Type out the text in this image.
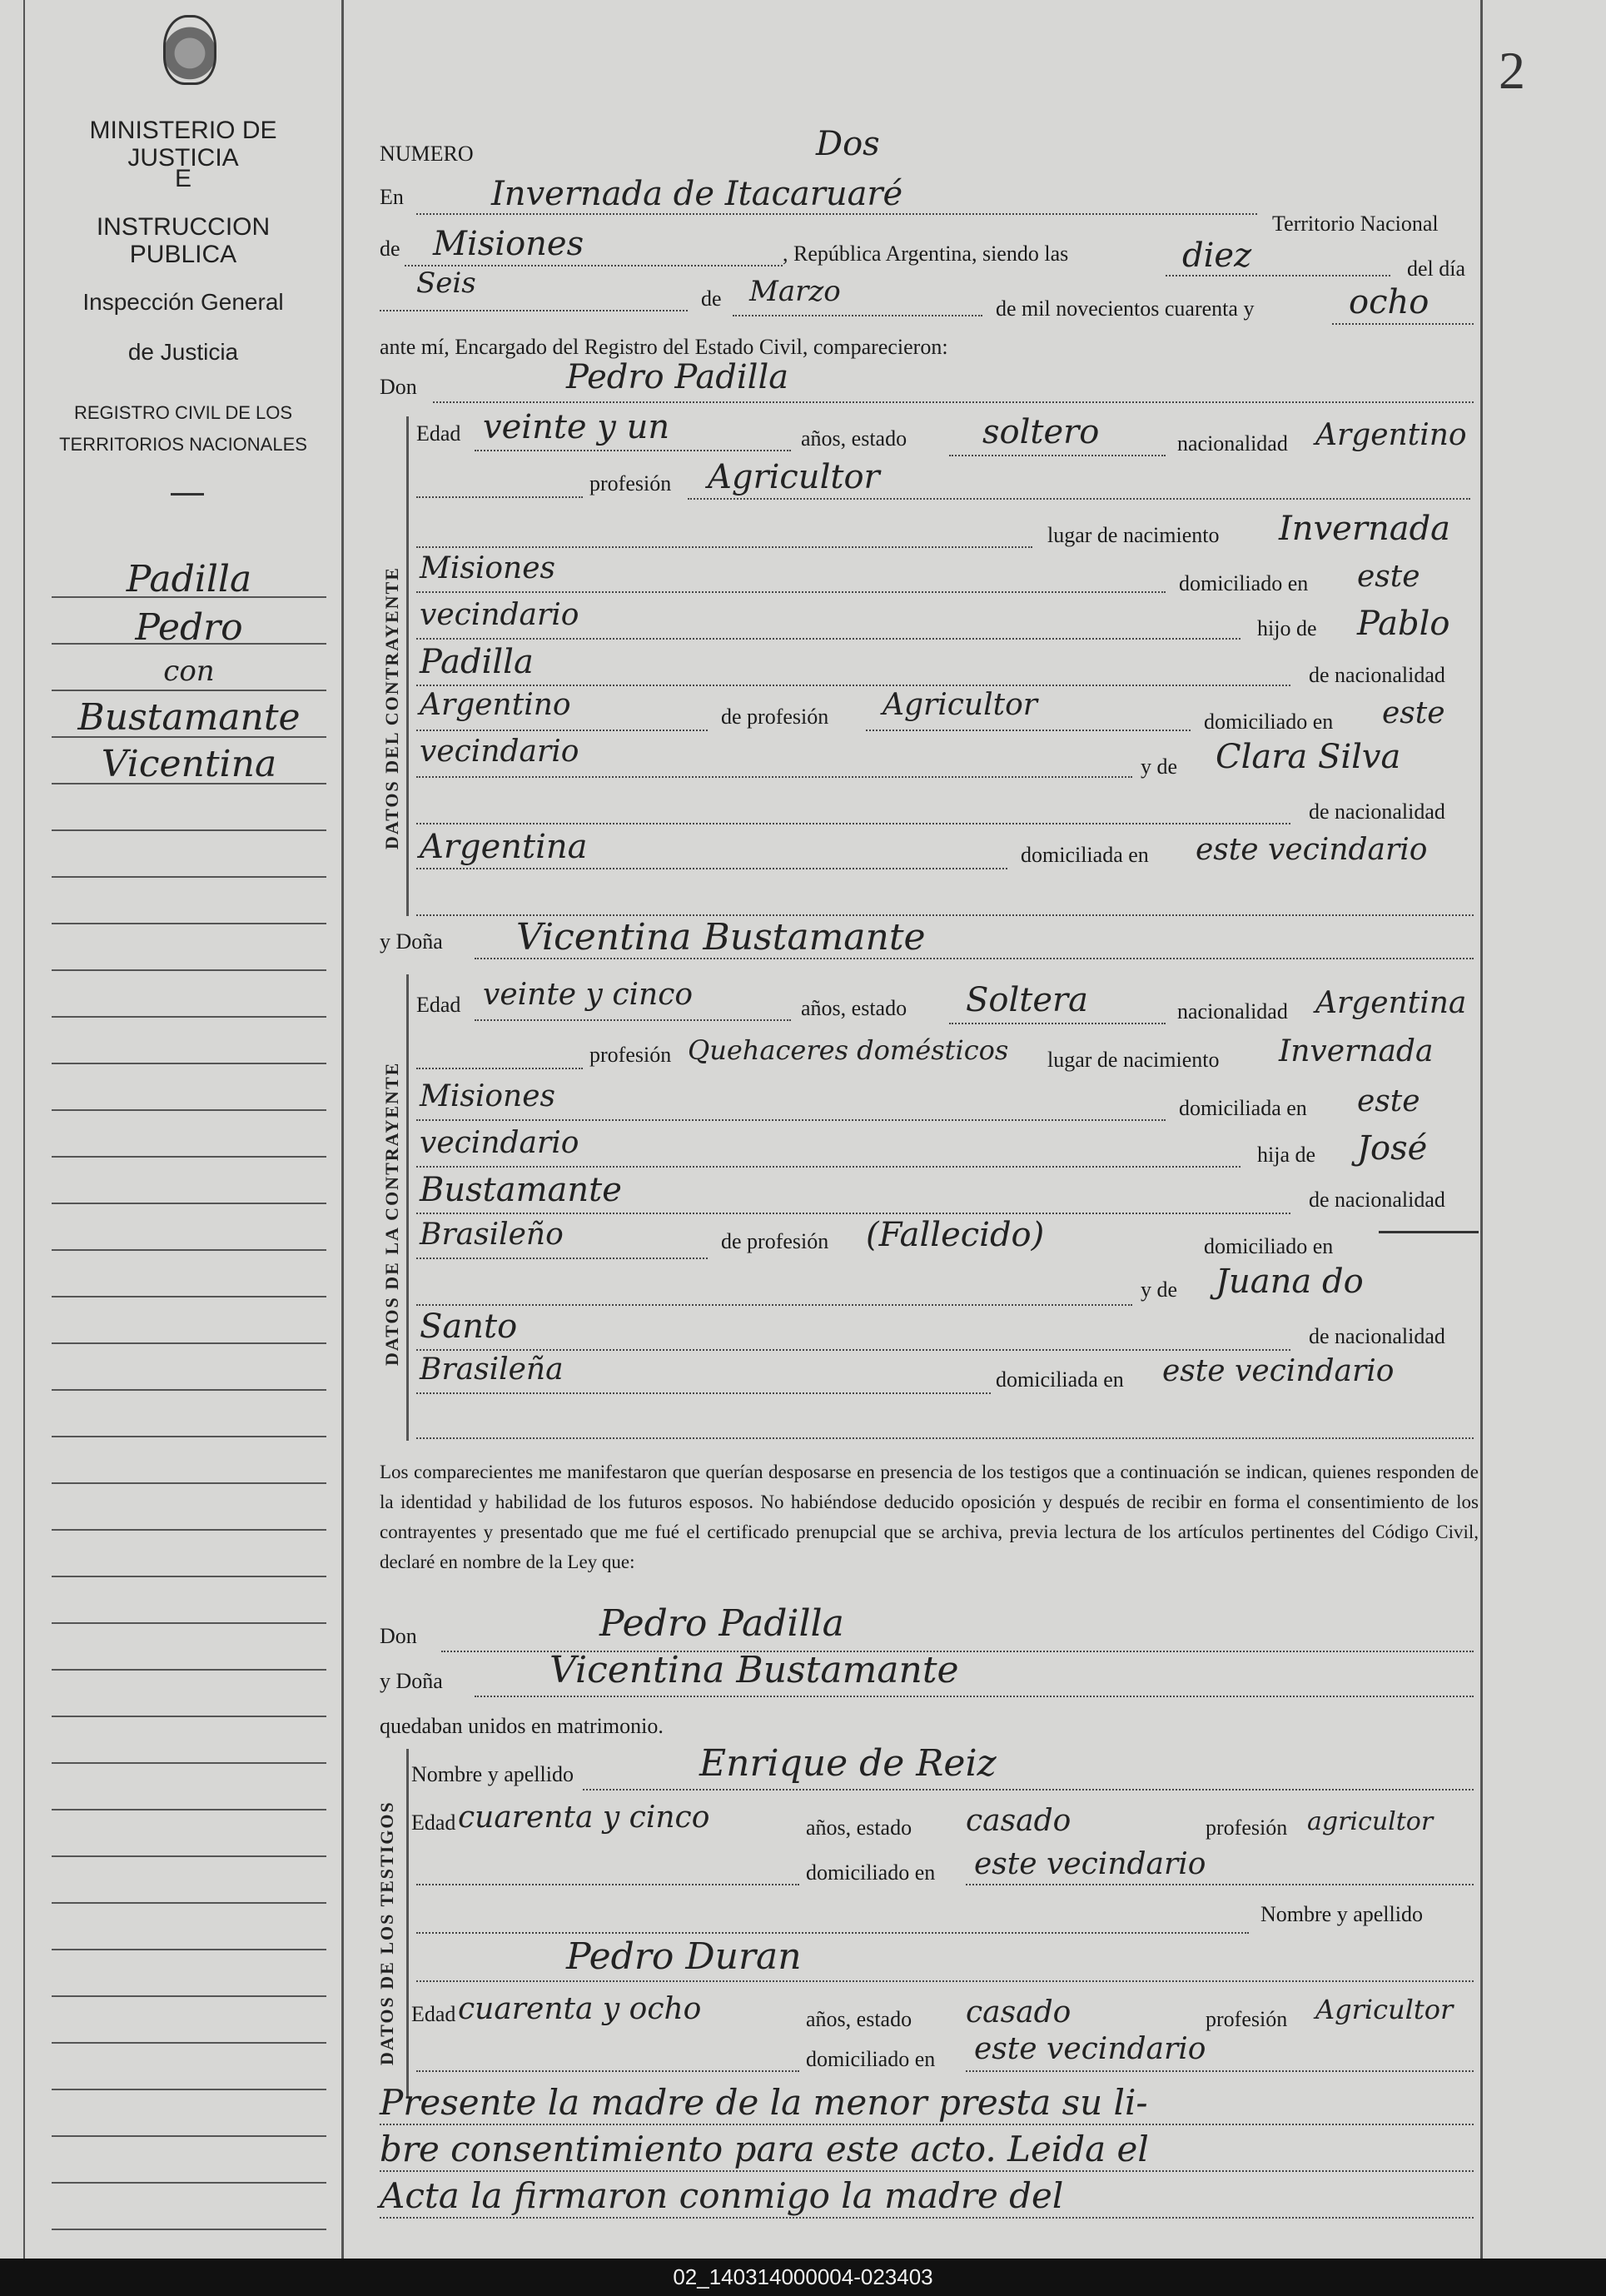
2
MINISTERIO DE JUSTICIA
E
INSTRUCCION PUBLICA
Inspección General
de Justicia
REGISTRO CIVIL DE LOS
TERRITORIOS NACIONALES
Padilla
Pedro
con
Bustamante
Vicentina
NUMERO	Dos
En	Invernada de Itacaruaré
Territorio Nacional
de Misiones	, República Argentina, siendo las	diez	del día
Seis	de Marzo
de mil novecientos cuarenta y	ocho
ante mí, Encargado del Registro del Estado Civil, comparecieron:
Don	Pedro Padilla
DATOS DEL CONTRAYENTE
Edad veinte y un	años, estado soltero	nacionalidad Argentino
profesión Agricultor
lugar de nacimiento Invernada
Misiones	domiciliado en este
vecindario	hijo de Pablo
Padilla	de nacionalidad
Argentino	de profesión Agricultor	domiciliado en este
vecindario	y de Clara Silva
de nacionalidad
Argentina	domiciliada en este vecindario
y Doña Vicentina Bustamante
DATOS DE LA CONTRAYENTE
Edad veinte y cinco	años, estado Soltera	nacionalidad Argentina
profesión Quehaceres domésticos lugar de nacimiento Invernada
Misiones	domiciliada en este
vecindario	hija de José
Bustamante	de nacionalidad
Brasileño	de profesión (Fallecido)	domiciliado en
y de Juana do
Santo	de nacionalidad
Brasileña	domiciliada en este vecindario
Los comparecientes me manifestaron que querían desposarse en presencia de los testigos que a continuación se indican, quienes responden de la identidad y habilidad de los futuros esposos. No habiéndose deducido oposición y después de recibir en forma el consentimiento de los contrayentes y presentado que me fué el certificado prenupcial que se archiva, previa lectura de los artículos pertinentes del Código Civil, declaré en nombre de la Ley que:
Don	Pedro Padilla
y Doña	Vicentina Bustamante
quedaban unidos en matrimonio.
DATOS DE LOS TESTIGOS
Nombre y apellido	Enrique de Reiz
Edad cuarenta y cinco	años, estado casado	profesión agricultor
domiciliado en este vecindario
Nombre y apellido
Pedro Duran
Edad cuarenta y ocho	años, estado casado	profesión Agricultor
domiciliado en este vecindario
Presente la madre de la menor presta su li-
bre consentimiento para este acto. Leida el
Acta la firmaron conmigo la madre del
02_140314000004-023403
